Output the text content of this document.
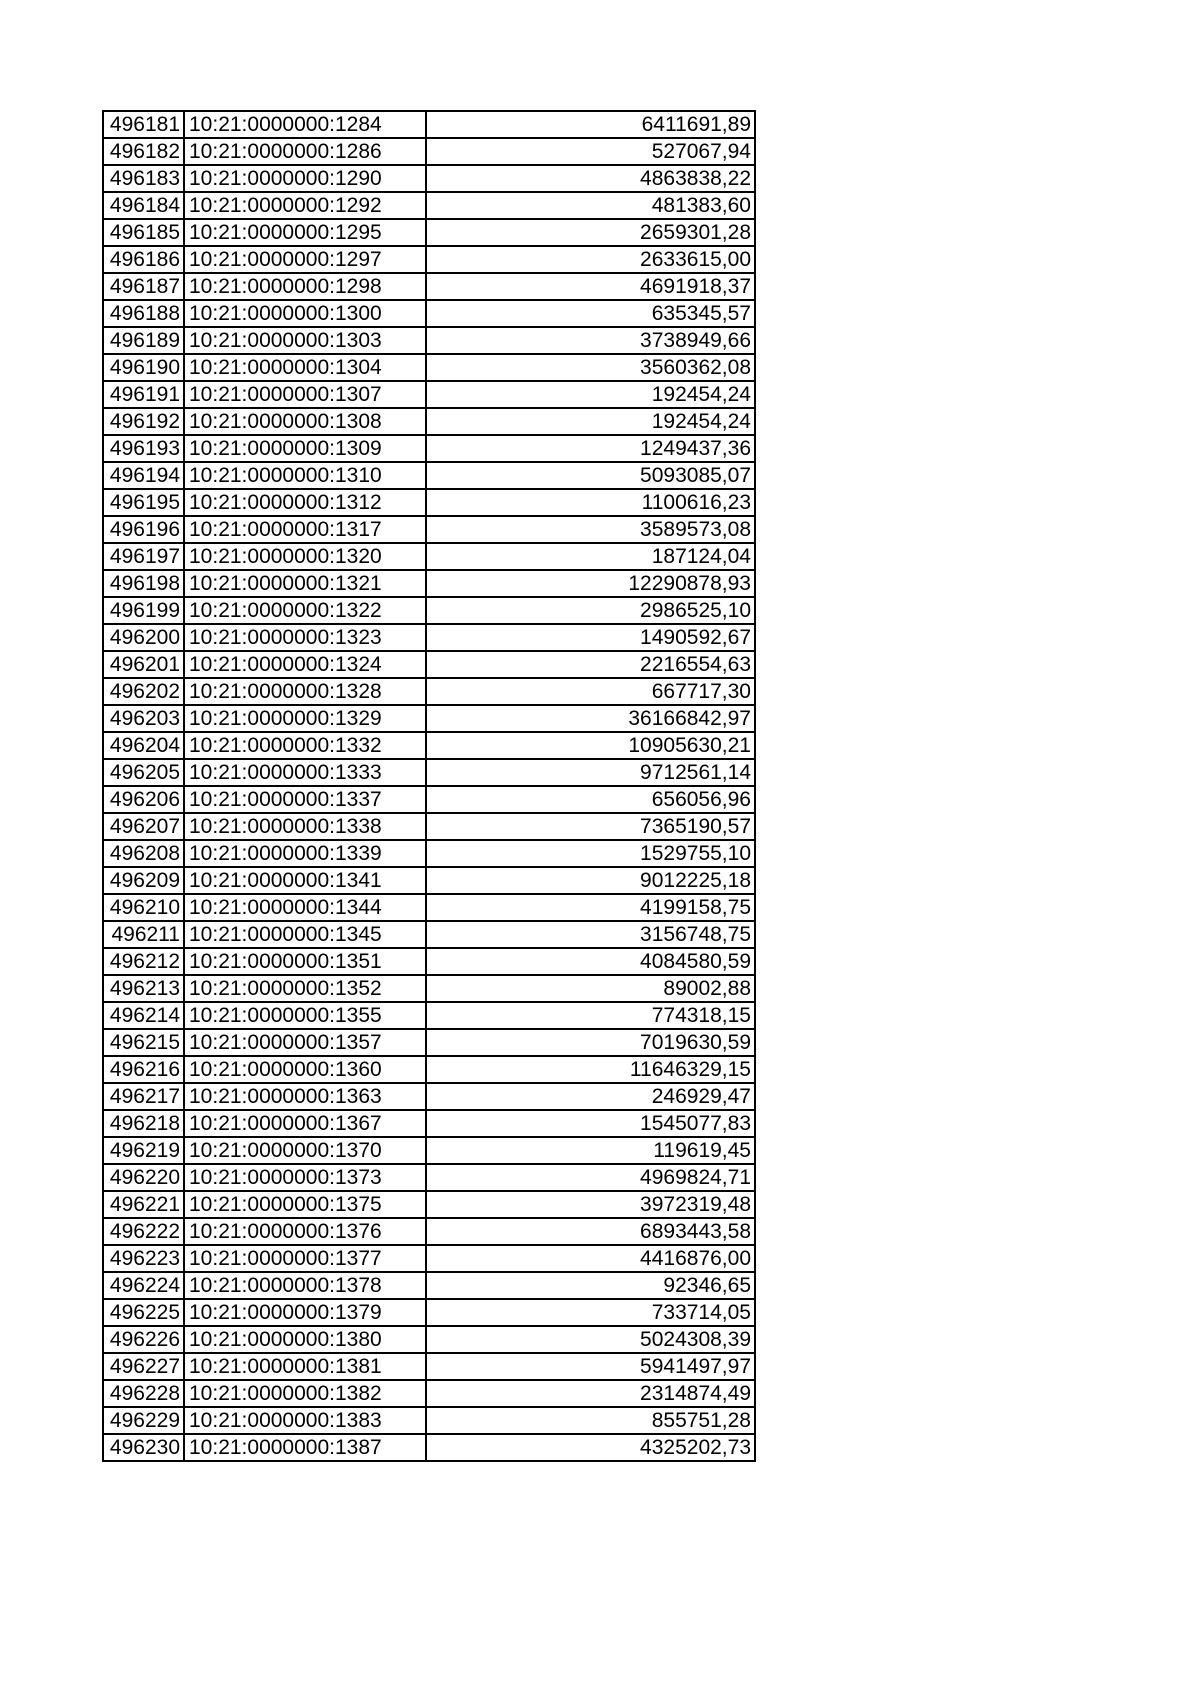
496181	10:21:0000000:1284	6411691,89
496182	10:21:0000000:1286	527067,94
496183	10:21:0000000:1290	4863838,22
496184	10:21:0000000:1292	481383,60
496185	10:21:0000000:1295	2659301,28
496186	10:21:0000000:1297	2633615,00
496187	10:21:0000000:1298	4691918,37
496188	10:21:0000000:1300	635345,57
496189	10:21:0000000:1303	3738949,66
496190	10:21:0000000:1304	3560362,08
496191	10:21:0000000:1307	192454,24
496192	10:21:0000000:1308	192454,24
496193	10:21:0000000:1309	1249437,36
496194	10:21:0000000:1310	5093085,07
496195	10:21:0000000:1312	1100616,23
496196	10:21:0000000:1317	3589573,08
496197	10:21:0000000:1320	187124,04
496198	10:21:0000000:1321	12290878,93
496199	10:21:0000000:1322	2986525,10
496200	10:21:0000000:1323	1490592,67
496201	10:21:0000000:1324	2216554,63
496202	10:21:0000000:1328	667717,30
496203	10:21:0000000:1329	36166842,97
496204	10:21:0000000:1332	10905630,21
496205	10:21:0000000:1333	9712561,14
496206	10:21:0000000:1337	656056,96
496207	10:21:0000000:1338	7365190,57
496208	10:21:0000000:1339	1529755,10
496209	10:21:0000000:1341	9012225,18
496210	10:21:0000000:1344	4199158,75
496211	10:21:0000000:1345	3156748,75
496212	10:21:0000000:1351	4084580,59
496213	10:21:0000000:1352	89002,88
496214	10:21:0000000:1355	774318,15
496215	10:21:0000000:1357	7019630,59
496216	10:21:0000000:1360	11646329,15
496217	10:21:0000000:1363	246929,47
496218	10:21:0000000:1367	1545077,83
496219	10:21:0000000:1370	119619,45
496220	10:21:0000000:1373	4969824,71
496221	10:21:0000000:1375	3972319,48
496222	10:21:0000000:1376	6893443,58
496223	10:21:0000000:1377	4416876,00
496224	10:21:0000000:1378	92346,65
496225	10:21:0000000:1379	733714,05
496226	10:21:0000000:1380	5024308,39
496227	10:21:0000000:1381	5941497,97
496228	10:21:0000000:1382	2314874,49
496229	10:21:0000000:1383	855751,28
496230	10:21:0000000:1387	4325202,73
